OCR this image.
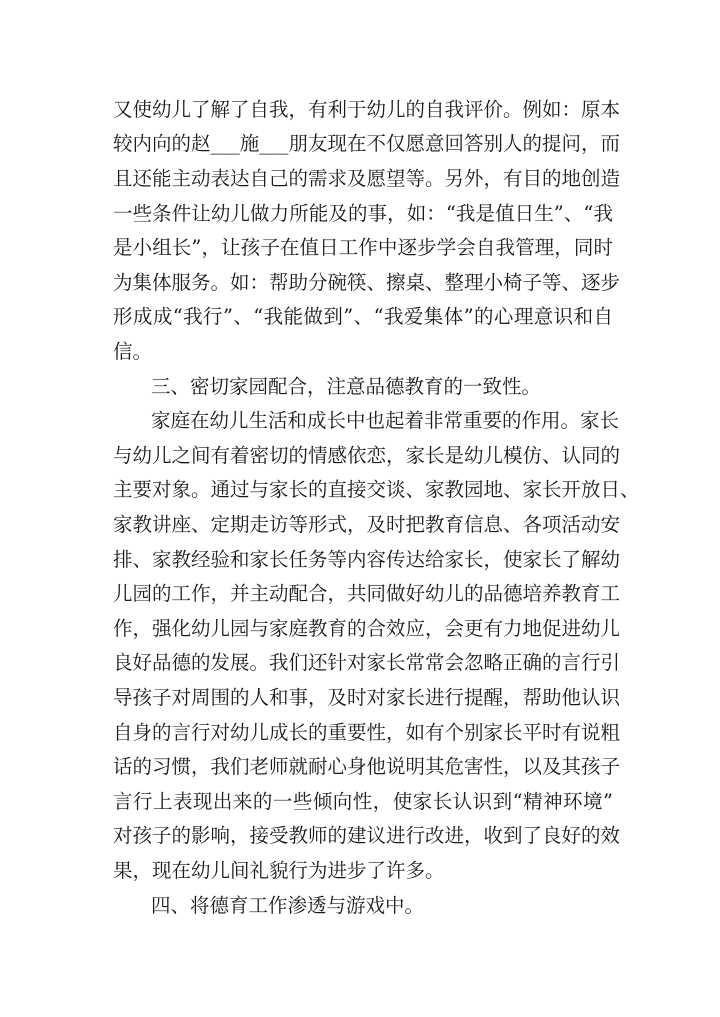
又使幼儿了解了自我，有利于幼儿的自我评价。例如：原本
较内向的赵___施___朋友现在不仅愿意回答别人的提问，而
且还能主动表达自己的需求及愿望等。另外，有目的地创造
一些条件让幼儿做力所能及的事，如：“我是值日生”、“我
是小组长”，让孩子在值日工作中逐步学会自我管理，同时
为集体服务。如：帮助分碗筷、擦桌、整理小椅子等、逐步
形成成“我行”、“我能做到”、“我爱集体”的心理意识和自
信。
三、密切家园配合，注意品德教育的一致性。
家庭在幼儿生活和成长中也起着非常重要的作用。家长
与幼儿之间有着密切的情感依恋，家长是幼儿模仿、认同的
主要对象。通过与家长的直接交谈、家教园地、家长开放日、
家教讲座、定期走访等形式，及时把教育信息、各项活动安
排、家教经验和家长任务等内容传达给家长，使家长了解幼
儿园的工作，并主动配合，共同做好幼儿的品德培养教育工
作，强化幼儿园与家庭教育的合效应，会更有力地促进幼儿
良好品德的发展。我们还针对家长常常会忽略正确的言行引
导孩子对周围的人和事，及时对家长进行提醒，帮助他认识
自身的言行对幼儿成长的重要性，如有个别家长平时有说粗
话的习惯，我们老师就耐心身他说明其危害性，以及其孩子
言行上表现出来的一些倾向性，使家长认识到“精神环境”
对孩子的影响，接受教师的建议进行改进，收到了良好的效
果，现在幼儿间礼貌行为进步了许多。
四、将德育工作渗透与游戏中。
